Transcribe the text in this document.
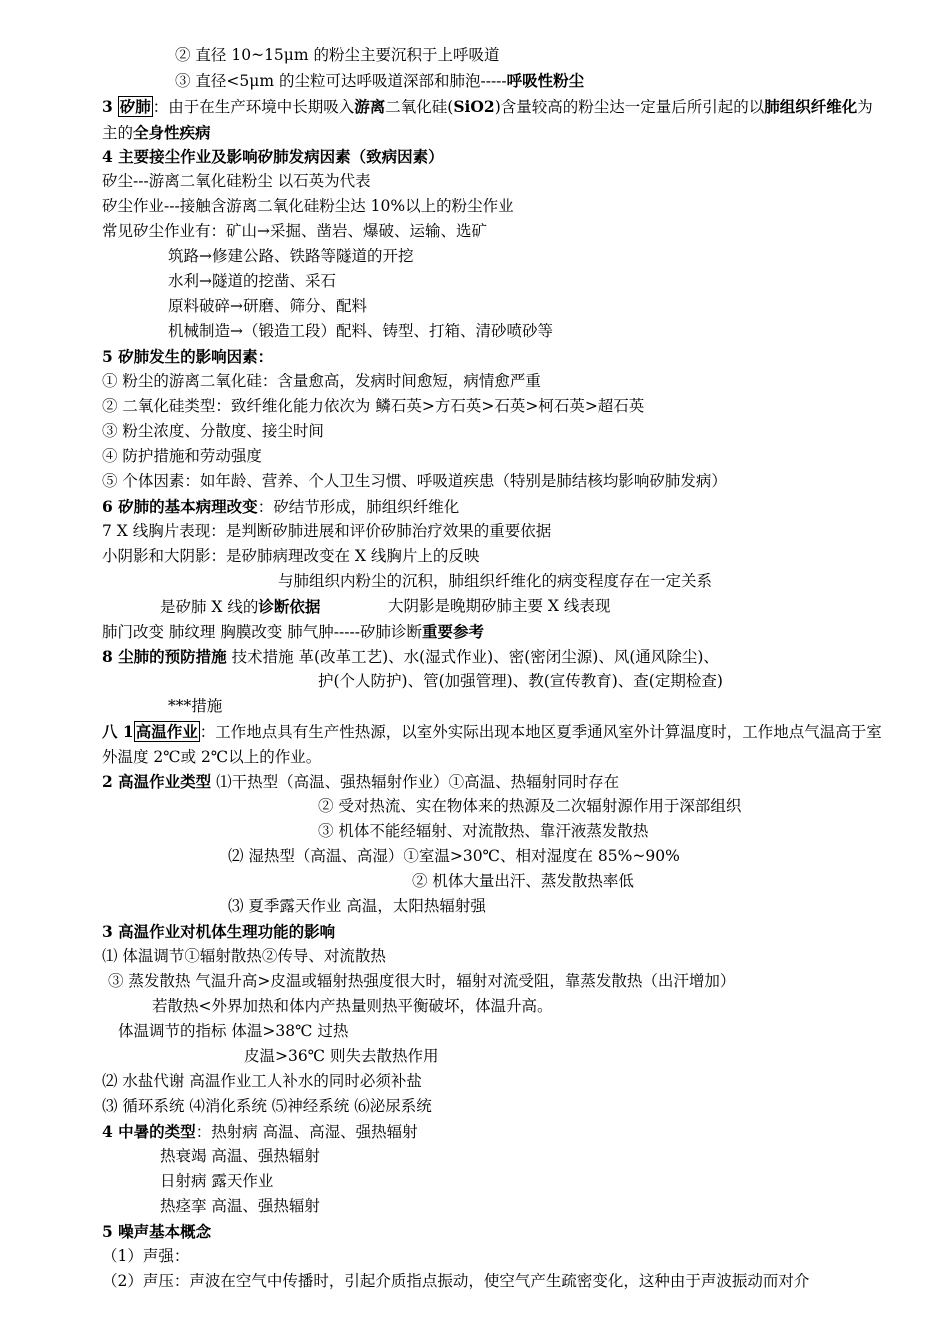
② 直径 10~15μm 的粉尘主要沉积于上呼吸道
③ 直径<5μm 的尘粒可达呼吸道深部和肺泡-----呼吸性粉尘
3 矽肺 ：由于在生产环境中长期吸入游离二氧化硅(SiO2)含量较高的粉尘达一定量后所引起的以肺组织纤维化为主的全身性疾病
4 主要接尘作业及影响矽肺发病因素（致病因素）
矽尘---游离二氧化硅粉尘 以石英为代表
矽尘作业---接触含游离二氧化硅粉尘达 10%以上的粉尘作业
常见矽尘作业有：矿山→采掘、凿岩、爆破、运输、选矿
筑路→修建公路、铁路等隧道的开挖
水利→隧道的挖凿、采石
原料破碎→研磨、筛分、配料
机械制造→（锻造工段）配料、铸型、打箱、清砂喷砂等
5 矽肺发生的影响因素：
① 粉尘的游离二氧化硅：含量愈高，发病时间愈短，病情愈严重
② 二氧化硅类型：致纤维化能力依次为 鳞石英>方石英>石英>柯石英>超石英
③ 粉尘浓度、分散度、接尘时间
④ 防护措施和劳动强度
⑤ 个体因素：如年龄、营养、个人卫生习惯、呼吸道疾患（特别是肺结核均影响矽肺发病）
6 矽肺的基本病理改变：矽结节形成，肺组织纤维化
7 X 线胸片表现：是判断矽肺进展和评价矽肺治疗效果的重要依据
小阴影和大阴影：是矽肺病理改变在 X 线胸片上的反映
与肺组织内粉尘的沉积，肺组织纤维化的病变程度存在一定关系
是矽肺 X 线的诊断依据	大阴影是晚期矽肺主要 X 线表现
肺门改变 肺纹理 胸膜改变 肺气肿-----矽肺诊断重要参考
8 尘肺的预防措施 技术措施 革(改革工艺)、水(湿式作业)、密(密闭尘源)、风(通风除尘)、
护(个人防护)、管(加强管理)、教(宣传教育)、查(定期检查)
***措施
八 1 高温作业 ：工作地点具有生产性热源，以室外实际出现本地区夏季通风室外计算温度时，工作地点气温高于室外温度 2℃或 2℃以上的作业。
2 高温作业类型 ⑴干热型（高温、强热辐射作业）①高温、热辐射同时存在
② 受对热流、实在物体来的热源及二次辐射源作用于深部组织
③ 机体不能经辐射、对流散热、靠汗液蒸发散热
⑵ 湿热型（高温、高湿）①室温>30℃、相对湿度在 85%~90%
② 机体大量出汗、蒸发散热率低
⑶ 夏季露天作业 高温，太阳热辐射强
3 高温作业对机体生理功能的影响
⑴ 体温调节①辐射散热②传导、对流散热
③ 蒸发散热 气温升高>皮温或辐射热强度很大时，辐射对流受阻，靠蒸发散热（出汗增加）
若散热<外界加热和体内产热量则热平衡破坏，体温升高。
体温调节的指标 体温>38℃ 过热
皮温>36℃ 则失去散热作用
⑵ 水盐代谢 高温作业工人补水的同时必须补盐
⑶ 循环系统 ⑷消化系统 ⑸神经系统 ⑹泌尿系统
4 中暑的类型：热射病 高温、高湿、强热辐射
热衰竭 高温、强热辐射
日射病 露天作业
热痉挛 高温、强热辐射
5 噪声基本概念
（1）声强：
（2）声压：声波在空气中传播时，引起介质指点振动，使空气产生疏密变化，这种由于声波振动而对介
